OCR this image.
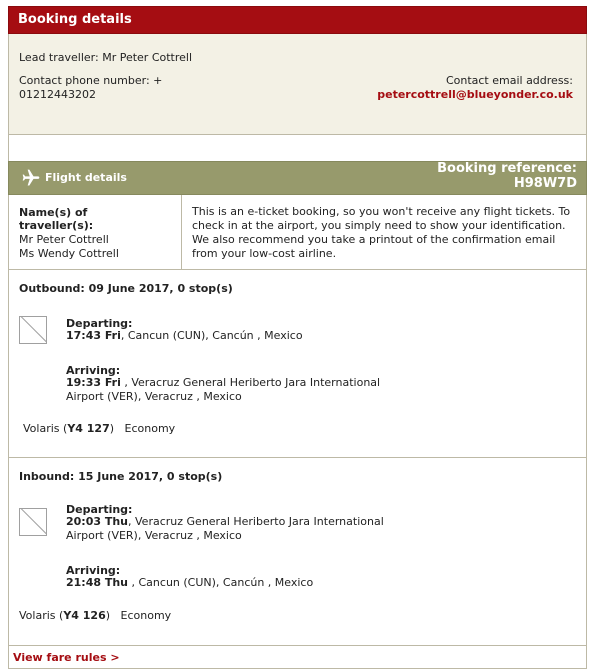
Booking details
Lead traveller: Mr Peter Cottrell
Contact phone number: +
01212443202
Contact email address:
petercottrell@blueyonder.co.uk
Flight details
Booking reference:
H98W7D
Name(s) of traveller(s):
Mr Peter Cottrell
Ms Wendy Cottrell
This is an e-ticket booking, so you won't receive any flight tickets. To check in at the airport, you simply need to show your identification. We also recommend you take a printout of the confirmation email from your low-cost airline.
Outbound: 09 June 2017, 0 stop(s)
Departing:
17:43 Fri, Cancun (CUN), Cancún , Mexico
Arriving:
19:33 Fri , Veracruz General Heriberto Jara International Airport (VER), Veracruz , Mexico
Volaris (Y4 127)   Economy
Inbound: 15 June 2017, 0 stop(s)
Departing:
20:03 Thu, Veracruz General Heriberto Jara International Airport (VER), Veracruz , Mexico
Arriving:
21:48 Thu , Cancun (CUN), Cancún , Mexico
Volaris (Y4 126)   Economy
View fare rules >
